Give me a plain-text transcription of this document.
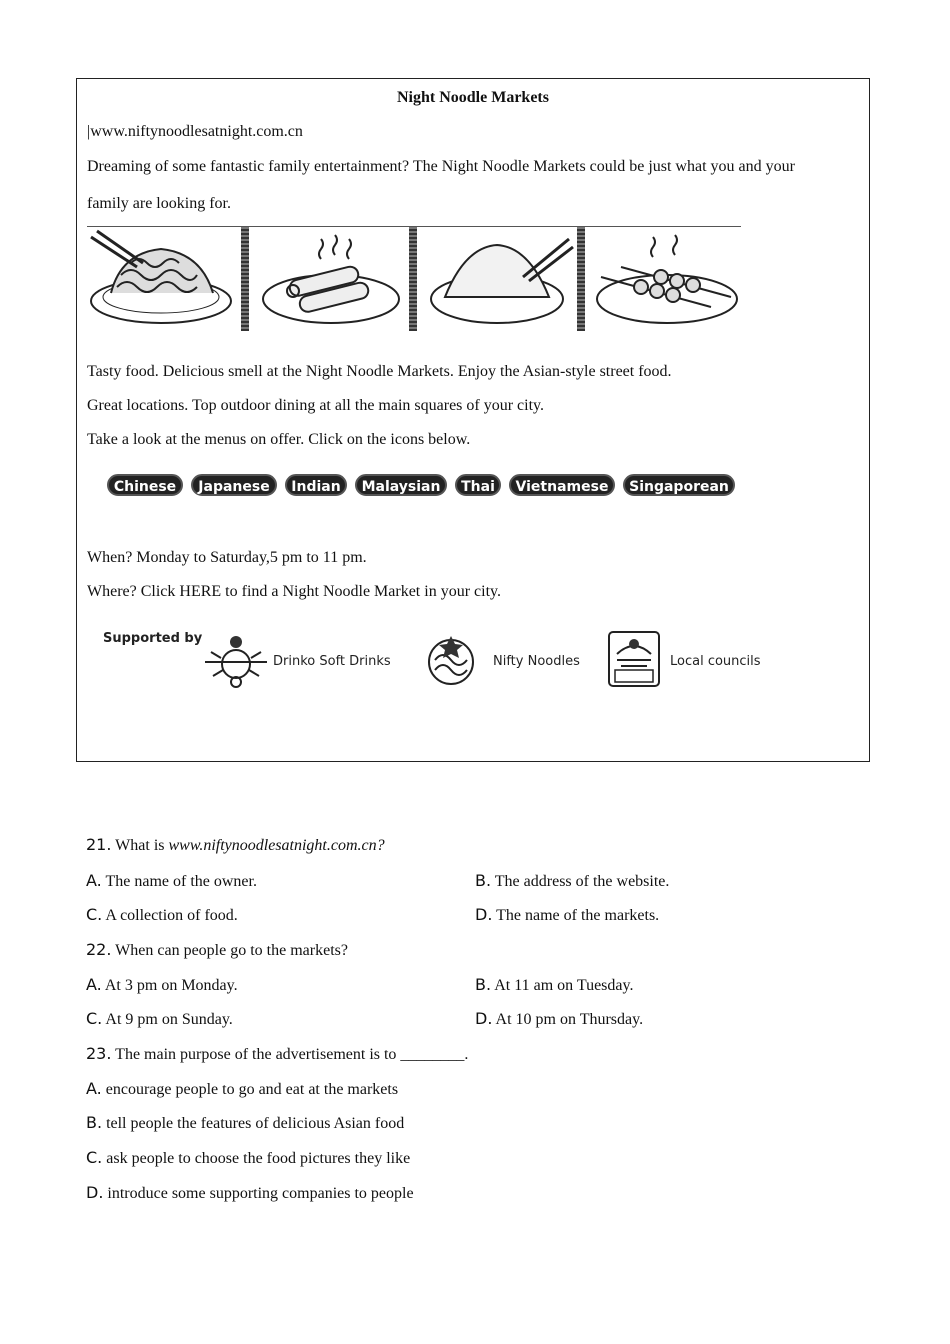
Night Noodle Markets
|www.niftynoodlesatnight.com.cn
Dreaming of some fantastic family entertainment? The Night Noodle Markets could be just what you and your
family are looking for.
Tasty food. Delicious smell at the Night Noodle Markets. Enjoy the Asian-style street food.
Great locations. Top outdoor dining at all the main squares of your city.
Take a look at the menus on offer. Click on the icons below.
Chinese	Japanese	Indian	Malaysian	Thai	Vietnamese	Singaporean
When? Monday to Saturday,5 pm to 11 pm.
Where? Click HERE to find a Night Noodle Market in your city.
Supported by
Drinko Soft Drinks	Nifty Noodles	Local councils
21. What is www.niftynoodlesatnight.com.cn?
A. The name of the owner.	B. The address of the website.
C. A collection of food.	D. The name of the markets.
22. When can people go to the markets?
A. At 3 pm on Monday.	B. At 11 am on Tuesday.
C. At 9 pm on Sunday.	D. At 10 pm on Thursday.
23. The main purpose of the advertisement is to ________.
A. encourage people to go and eat at the markets
B. tell people the features of delicious Asian food
C. ask people to choose the food pictures they like
D. introduce some supporting companies to people
